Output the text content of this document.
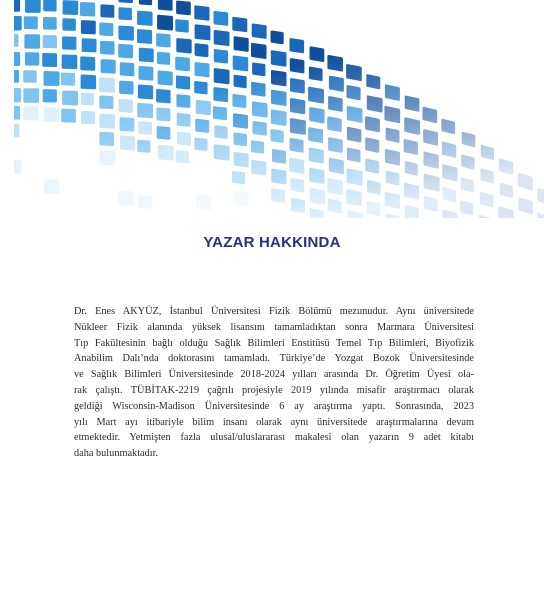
YAZAR HAKKINDA
Dr. Enes AKYÜZ, İstanbul Üniversitesi Fizik Bölümü mezunudur. Aynı üniversitede
Nükleer Fizik alanında yüksek lisansını tamamladıktan sonra Marmara Üniversitesi
Tıp Fakültesinin bağlı olduğu Sağlık Bilimleri Enstitüsü Temel Tıp Bilimleri, Biyofizik
Anabilim Dalı’nda doktorasını tamamladı. Türkiye’de Yozgat Bozok Üniversitesinde
ve Sağlık Bilimleri Üniversitesinde 2018-2024 yılları arasında Dr. Öğretim Üyesi ola-
rak çalıştı. TÜBİTAK-2219 çağrılı projesiyle 2019 yılında misafir araştırmacı olarak
geldiği Wisconsin-Madison Üniversitesinde 6 ay araştırma yaptı. Sonrasında, 2023
yılı Mart ayı itibariyle bilim insanı olarak aynı üniversitede araştırmalarına devam
etmektedir. Yetmişten fazla ulusal/uluslararası makalesi olan yazarın 9 adet kitabı
daha bulunmaktadır.
